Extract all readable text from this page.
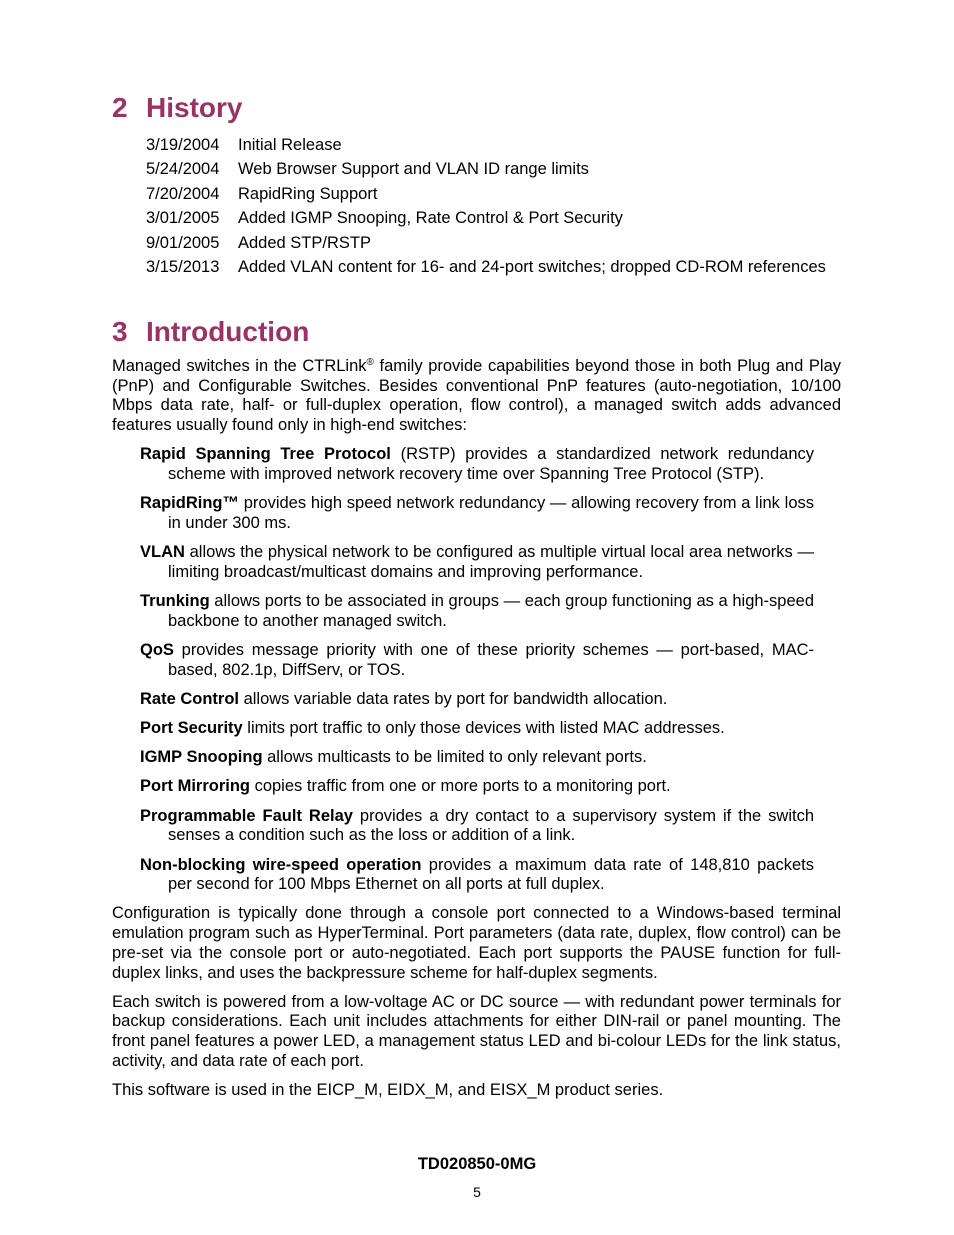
2 History
3/19/2004 Initial Release
5/24/2004 Web Browser Support and VLAN ID range limits
7/20/2004 RapidRing Support
3/01/2005 Added IGMP Snooping, Rate Control & Port Security
9/01/2005 Added STP/RSTP
3/15/2013 Added VLAN content for 16- and 24-port switches; dropped CD-ROM references
3 Introduction

Managed switches in the CTRLink® family provide capabilities beyond those in both Plug and Play (PnP) and Configurable Switches. Besides conventional PnP features (auto-negotiation, 10/100 Mbps data rate, half- or full-duplex operation, flow control), a managed switch adds advanced features usually found only in high-end switches:

Rapid Spanning Tree Protocol (RSTP) provides a standardized network redundancy scheme with improved network recovery time over Spanning Tree Protocol (STP).
RapidRing™ provides high speed network redundancy — allowing recovery from a link loss in under 300 ms.
VLAN allows the physical network to be configured as multiple virtual local area networks — limiting broadcast/multicast domains and improving performance.
Trunking allows ports to be associated in groups — each group functioning as a high-speed backbone to another managed switch.
QoS provides message priority with one of these priority schemes — port-based, MAC-based, 802.1p, DiffServ, or TOS.
Rate Control allows variable data rates by port for bandwidth allocation.
Port Security limits port traffic to only those devices with listed MAC addresses.
IGMP Snooping allows multicasts to be limited to only relevant ports.
Port Mirroring copies traffic from one or more ports to a monitoring port.
Programmable Fault Relay provides a dry contact to a supervisory system if the switch senses a condition such as the loss or addition of a link.
Non-blocking wire-speed operation provides a maximum data rate of 148,810 packets per second for 100 Mbps Ethernet on all ports at full duplex.

Configuration is typically done through a console port connected to a Windows-based terminal emulation program such as HyperTerminal. Port parameters (data rate, duplex, flow control) can be pre-set via the console port or auto-negotiated. Each port supports the PAUSE function for full-duplex links, and uses the backpressure scheme for half-duplex segments.

Each switch is powered from a low-voltage AC or DC source — with redundant power terminals for backup considerations. Each unit includes attachments for either DIN-rail or panel mounting. The front panel features a power LED, a management status LED and bi-colour LEDs for the link status, activity, and data rate of each port.

This software is used in the EICP_M, EIDX_M, and EISX_M product series.

TD020850-0MG
5
